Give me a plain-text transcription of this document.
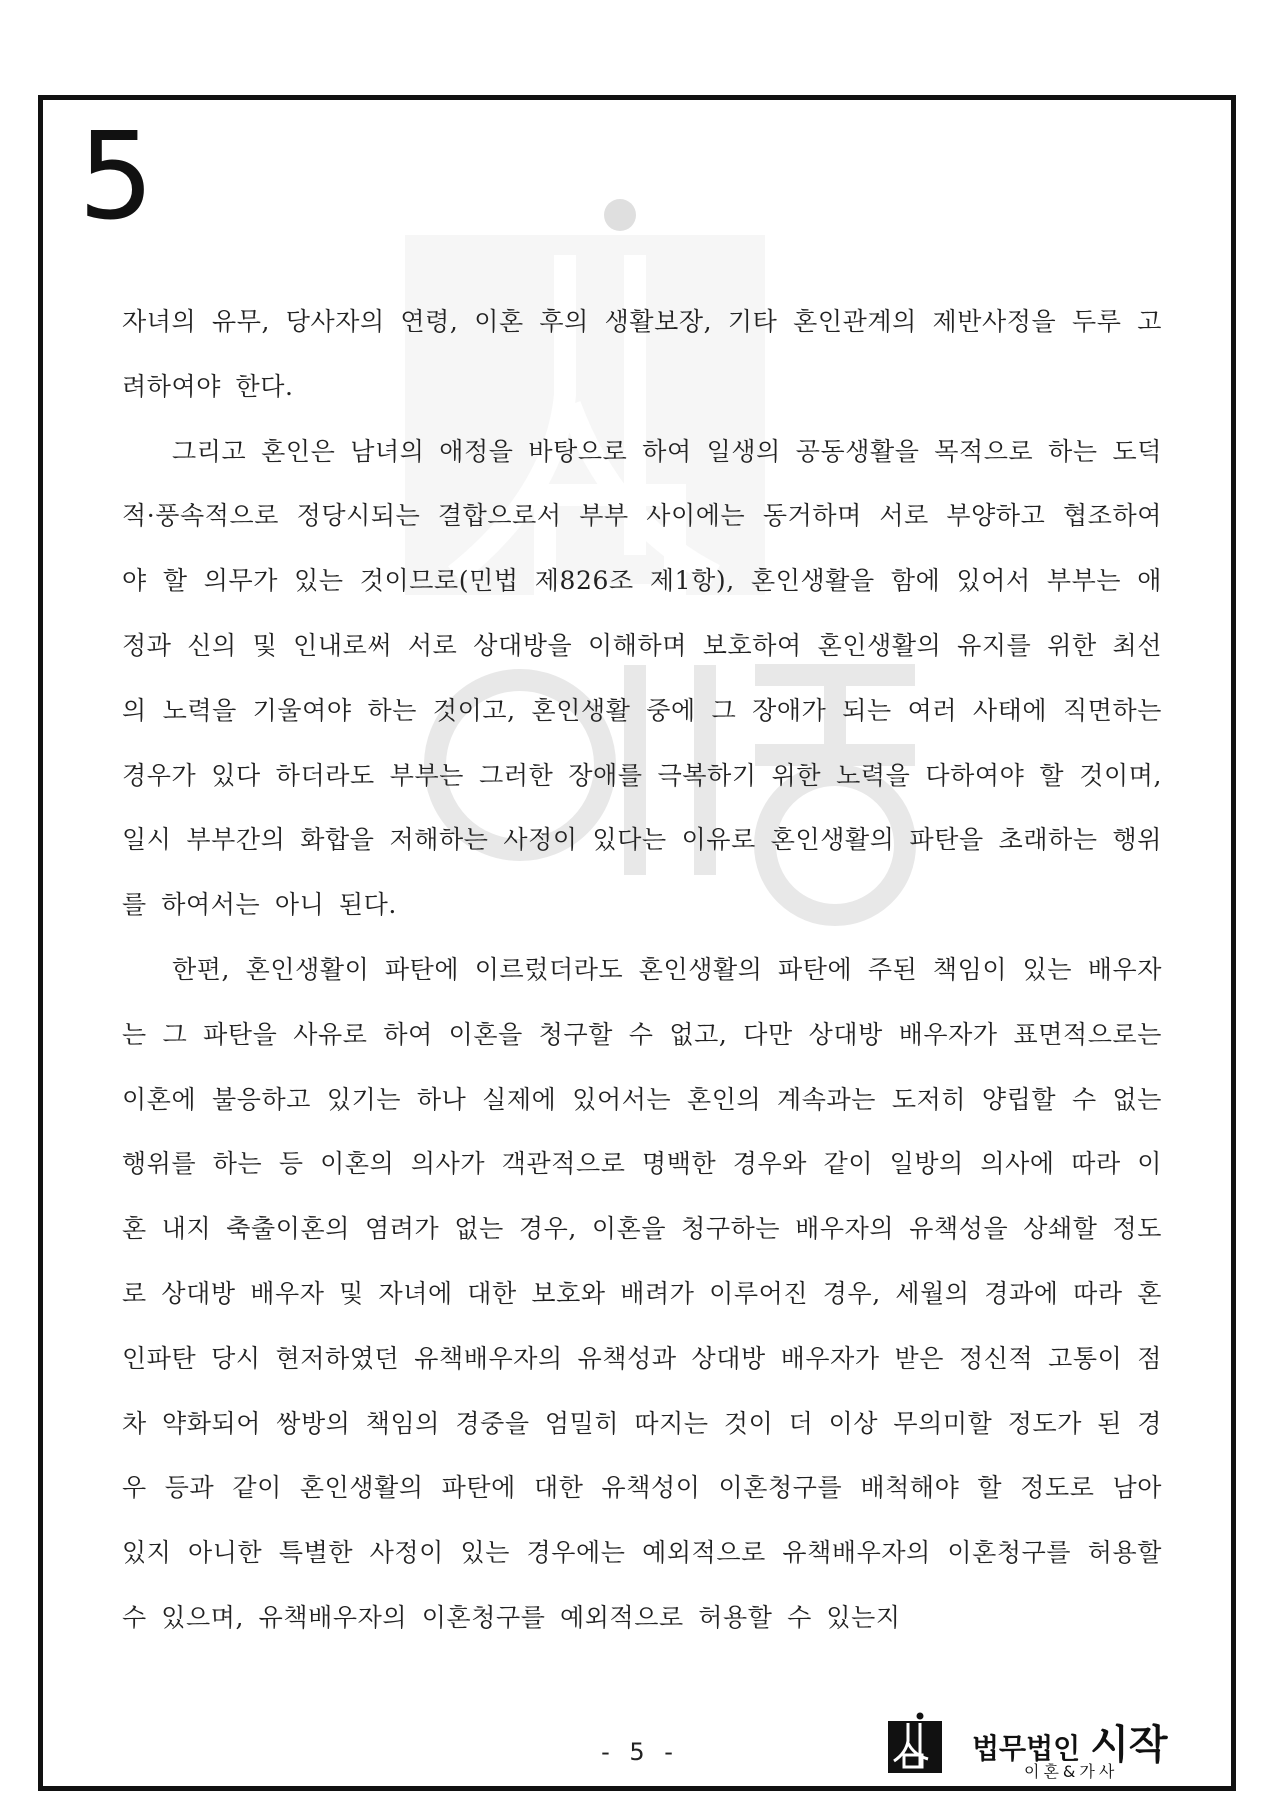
5

자녀의 유무, 당사자의 연령, 이혼 후의 생활보장, 기타 혼인관계의 제반사정을 두루 고려하여야 한다.

그리고 혼인은 남녀의 애정을 바탕으로 하여 일생의 공동생활을 목적으로 하는 도덕적·풍속적으로 정당시되는 결합으로서 부부 사이에는 동거하며 서로 부양하고 협조하여야 할 의무가 있는 것이므로(민법 제826조 제1항), 혼인생활을 함에 있어서 부부는 애정과 신의 및 인내로써 서로 상대방을 이해하며 보호하여 혼인생활의 유지를 위한 최선의 노력을 기울여야 하는 것이고, 혼인생활 중에 그 장애가 되는 여러 사태에 직면하는 경우가 있다 하더라도 부부는 그러한 장애를 극복하기 위한 노력을 다하여야 할 것이며, 일시 부부간의 화합을 저해하는 사정이 있다는 이유로 혼인생활의 파탄을 초래하는 행위를 하여서는 아니 된다.

한편, 혼인생활이 파탄에 이르렀더라도 혼인생활의 파탄에 주된 책임이 있는 배우자는 그 파탄을 사유로 하여 이혼을 청구할 수 없고, 다만 상대방 배우자가 표면적으로는 이혼에 불응하고 있기는 하나 실제에 있어서는 혼인의 계속과는 도저히 양립할 수 없는 행위를 하는 등 이혼의 의사가 객관적으로 명백한 경우와 같이 일방의 의사에 따라 이혼 내지 축출이혼의 염려가 없는 경우, 이혼을 청구하는 배우자의 유책성을 상쇄할 정도로 상대방 배우자 및 자녀에 대한 보호와 배려가 이루어진 경우, 세월의 경과에 따라 혼인파탄 당시 현저하였던 유책배우자의 유책성과 상대방 배우자가 받은 정신적 고통이 점차 약화되어 쌍방의 책임의 경중을 엄밀히 따지는 것이 더 이상 무의미할 정도가 된 경우 등과 같이 혼인생활의 파탄에 대한 유책성이 이혼청구를 배척해야 할 정도로 남아 있지 아니한 특별한 사정이 있는 경우에는 예외적으로 유책배우자의 이혼청구를 허용할 수 있으며, 유책배우자의 이혼청구를 예외적으로 허용할 수 있는지

- 5 -	법무법인 시작
이혼&가사
